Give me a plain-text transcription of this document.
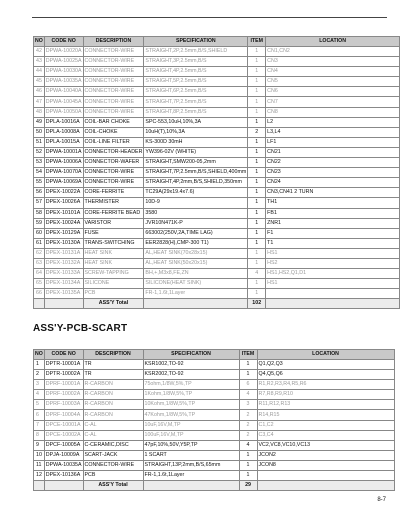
NO	CODE NO	DESCRIPTION	SPECIFICATION	ITEM	LOCATION
42	DPWA-10020A	CONNECTOR-WIRE	STRAIGHT,2P,2.5mm,B/S,SHIELD	1	CN1,CN2
43	DPWA-10025A	CONNECTOR-WIRE	STRAIGHT,3P,2.5mm,B/S	1	CN3
44	DPWA-10030A	CONNECTOR-WIRE	STRAIGHT,4P,2.5mm,B/S	1	CN4
45	DPWA-10035A	CONNECTOR-WIRE	STRAIGHT,5P,2.5mm,B/S	1	CN5
46	DPWA-10040A	CONNECTOR-WIRE	STRAIGHT,6P,2.5mm,B/S	1	CN6
47	DPWA-10045A	CONNECTOR-WIRE	STRAIGHT,7P,2.5mm,B/S	1	CN7
48	DPWA-10050A	CONNECTOR-WIRE	STRAIGHT,8P,2.5mm,B/S	1	CN8
49	DPLA-10016A	COIL-BAR CHOKE	SPC-553,10uH,10%,3A	1	L2
50	DPLA-10008A	COIL-CHOKE	10uH(T),10%,3A	2	L3,L4
51	DPLA-10015A	COIL-LINE FILTER	KS-300D 30mH	1	LF1
52	DPWA-10001A	CONNECTOR-HEADER	YW396-02V (WHITE)	1	CN21
53	DPWA-10006A	CONNECTOR-WAFER	STRAIGHT,SMW200-05,2mm	1	CN22
54	DPWA-10070A	CONNECTOR-WIRE	STRAIGHT,7P,2.5mm,B/S,SHIELD,400mm	1	CN23
55	DPWA-10069A	CONNECTOR-WIRE	STRAIGHT,4P,2mm,B/S,SHIELD,350mm	1	CN24
56	DPEX-10022A	CORE-FERRITE	TC29A(29x19.4x7.6)	1	CN3,CN41 2 TURN
57	DPEX-10026A	THERMISTER	10D-9	1	TH1
58	DPEX-10101A	CORE-FERRITE BEAD	3580	1	FB1
59	DPEX-10024A	VARISTOR	JVR10N471K-P	1	ZNR1
60	DPEX-10129A	FUSE	663002(250V,2A,TIME LAG)	1	F1
61	DPEX-10130A	TRANS-SWITCHING	EER2828(H),CMP-300 T1)	1	T1
62	DPEX-10131A	HEAT SINK	AL,HEAT SINK(70x28x15)	1	HS1
63	DPEX-10132A	HEAT SINK	AL,HEAT SINK(50x20x15)	1	HS2
64	DPEX-10133A	SCREW-TAPPING	BH,+,M3x8,FE,ZN	4	HS1,HS2,Q1,D1
65	DPEX-10134A	SILICONE	SILICONE(HEAT SINK)	1	HS1
66	DPEX-10135A	PCB	FR-1,1.6t,1Layer	1	
		ASS'Y Total		102	
ASS'Y-PCB-SCART
NO	CODE NO	DESCRIPTION	SPECIFICATION	ITEM	LOCATION
1	DPTR-10001A	TR	KSR1002,TO-92	1	Q1,Q2,Q3
2	DPTR-10002A	TR	KSR2002,TO-92	1	Q4,Q5,Q6
3	DPRF-10001A	R-CARBON	75ohm,1/8W,5%,TP	6	R1,R2,R3,R4,R5,R6
4	DPRF-10002A	R-CARBON	1Kohm,1/8W,5%,TP	4	R7,R8,R9,R10
5	DPRF-10003A	R-CARBON	10Kohm,1/8W,5%,TP	3	R11,R12,R13
6	DPRF-10004A	R-CARBON	47Kohm,1/8W,5%,TP	2	R14,R15
7	DPCE-10001A	C-AL	10uF,16V,M,TP	2	C1,C2
8	DPCE-10002A	C-AL	100uF,16V,M,TP	2	C3,C4
9	DPCF-10005A	C-CERAMIC,DISC	47pF,10%,50V,Y5P,TP	4	VC2,VC8,VC10,VC13
10	DPJA-10009A	SCART-JACK	1 SCART	1	JCON2
11	DPWA-10035A	CONNECTOR-WIRE	STRAIGHT,13P,2mm,B/S,65mm	1	JCON8
12	DPEX-10136A	PCB	FR-1,1.6t,1Layer	1	
		ASS'Y Total		29	
8-7
